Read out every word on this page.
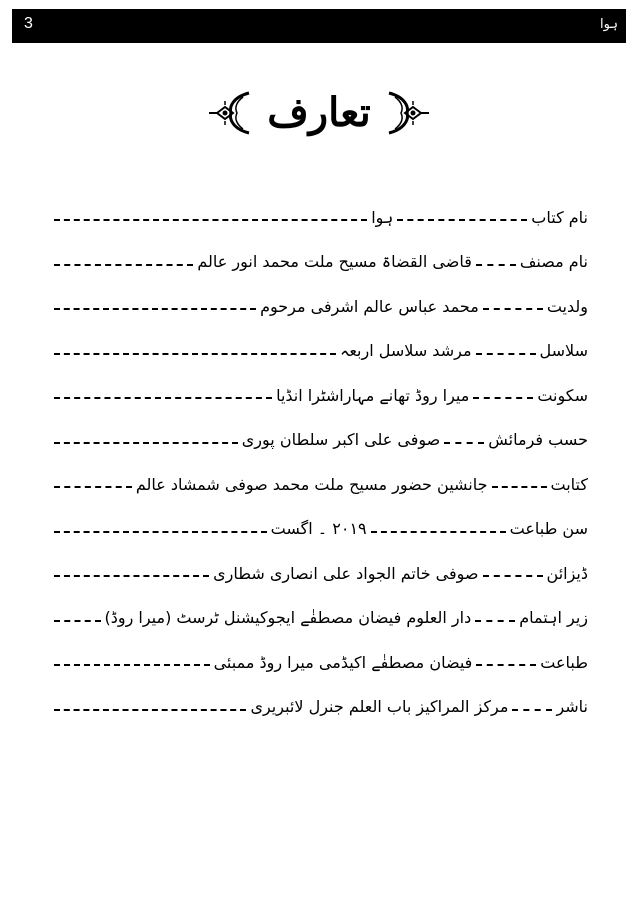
3	ہوا
تعارف
نام کتاب
ہوا
نام مصنف
قاضی القضاۃ مسیح ملت محمد انور عالم
ولدیت
محمد عباس عالم اشرفی مرحوم
سلاسل
مرشد سلاسل اربعہ
سکونت
میرا روڈ تھانے مہاراشٹرا انڈیا
حسب فرمائش
صوفی علی اکبر سلطان پوری
کتابت
جانشین حضور مسیح ملت محمد صوفی شمشاد عالم
سن طباعت
۲۰۱۹ ۔ اگست
ڈیزائن
صوفی خاتم الجواد علی انصاری شطاری
زیر اہتمام
دار العلوم فیضان مصطفٰے ایجوکیشنل ٹرسٹ (میرا روڈ)
طباعت
فیضان مصطفٰے اکیڈمی میرا روڈ ممبئی
ناشر
مرکز المراکیز باب العلم جنرل لائبریری
